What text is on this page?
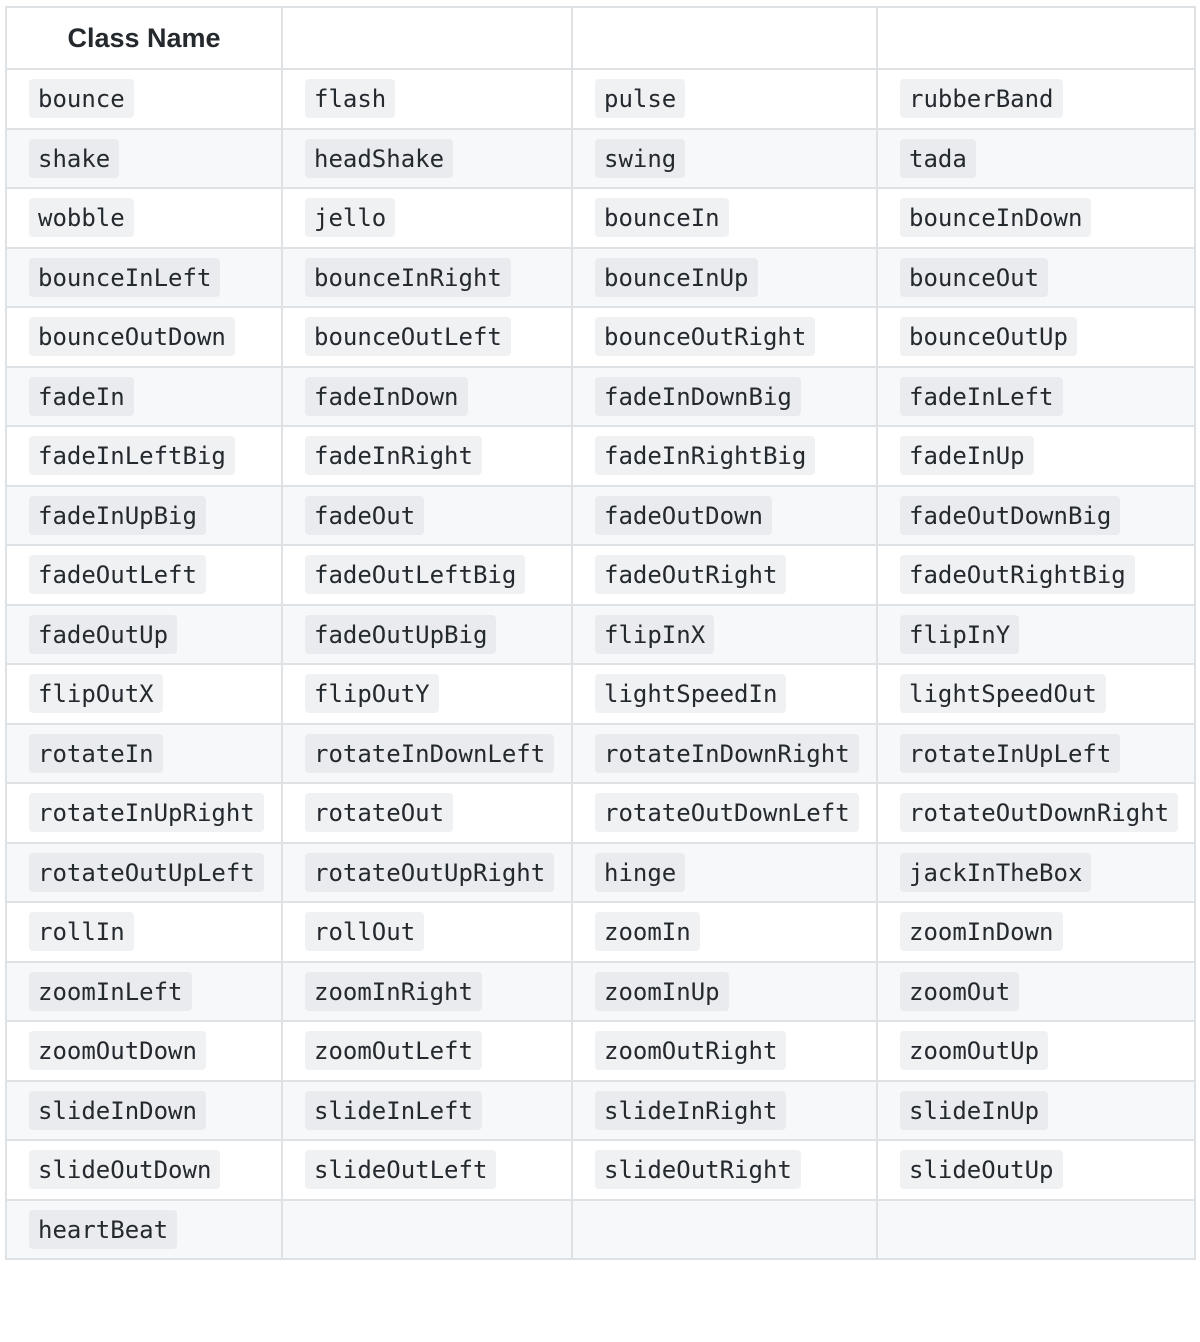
Class Name			
bounce	flash	pulse	rubberBand
shake	headShake	swing	tada
wobble	jello	bounceIn	bounceInDown
bounceInLeft	bounceInRight	bounceInUp	bounceOut
bounceOutDown	bounceOutLeft	bounceOutRight	bounceOutUp
fadeIn	fadeInDown	fadeInDownBig	fadeInLeft
fadeInLeftBig	fadeInRight	fadeInRightBig	fadeInUp
fadeInUpBig	fadeOut	fadeOutDown	fadeOutDownBig
fadeOutLeft	fadeOutLeftBig	fadeOutRight	fadeOutRightBig
fadeOutUp	fadeOutUpBig	flipInX	flipInY
flipOutX	flipOutY	lightSpeedIn	lightSpeedOut
rotateIn	rotateInDownLeft	rotateInDownRight	rotateInUpLeft
rotateInUpRight	rotateOut	rotateOutDownLeft	rotateOutDownRight
rotateOutUpLeft	rotateOutUpRight	hinge	jackInTheBox
rollIn	rollOut	zoomIn	zoomInDown
zoomInLeft	zoomInRight	zoomInUp	zoomOut
zoomOutDown	zoomOutLeft	zoomOutRight	zoomOutUp
slideInDown	slideInLeft	slideInRight	slideInUp
slideOutDown	slideOutLeft	slideOutRight	slideOutUp
heartBeat			
